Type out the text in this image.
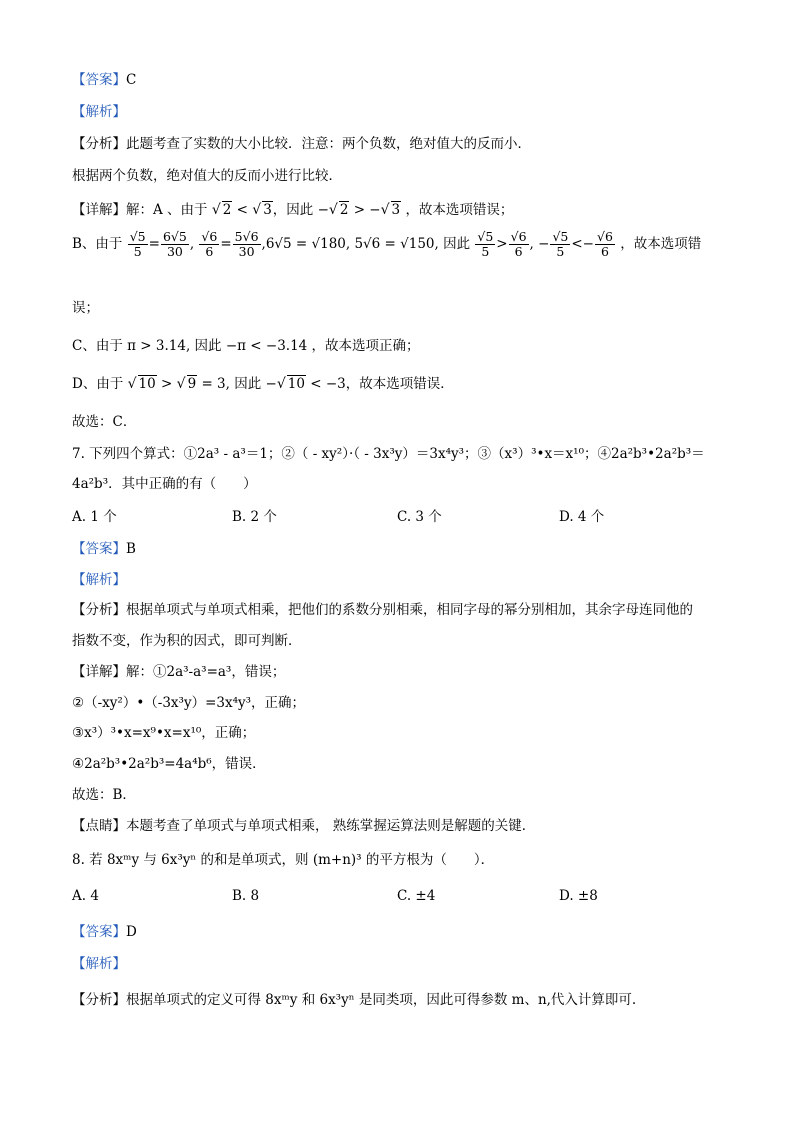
【答案】C
【解析】
【分析】此题考查了实数的大小比较．注意：两个负数，绝对值大的反而小．
根据两个负数，绝对值大的反而小进行比较．
【详解】解：A 、由于 √ 2 < √ 3，因此 −√ 2 > −√ 3 ，故本选项错误；
B、由于 $\frac{√5}{5} = \frac{6√5}{30}$ , $\frac{√6}{6} = \frac{5√6}{30} ,6√5 = √180$, 5√6 = √150, 因此 $\frac{√5}{5} > \frac{√6}{6}$ , − $\frac{√5}{5} <- \frac{√6}{6}$ ，故本选项错
误；
C、由于 π > 3.14, 因此 −π < −3.14 ，故本选项正确；
D、由于 √ 10 > √ 9 = 3, 因此 −√ 10 < −3，故本选项错误．
故选：C．
7. 下列四个算式：①2a³ - a³＝1；②（ - xy²）·（ - 3x³y）＝3x⁴y³；③（x³）³•x＝x¹⁰；④2a²b³•2a²b³＝
4a²b³．其中正确的有（　　）
A. 1 个	B. 2 个	C. 3 个	D. 4 个
【答案】B
【解析】
【分析】根据单项式与单项式相乘，把他们的系数分别相乘，相同字母的幂分别相加，其余字母连同他的
指数不变，作为积的因式，即可判断．
【详解】解：①2a³-a³=a³，错误；
②（-xy²）•（-3x³y）=3x⁴y³，正确；
③x³）³•x=x⁹•x=x¹⁰，正确；
④2a²b³•2a²b³=4a⁴b⁶，错误．
故选：B．
【点睛】本题考查了单项式与单项式相乘， 熟练掌握运算法则是解题的关键．
8. 若 8xᵐy 与 6x³yⁿ 的和是单项式，则 (m+n)³ 的平方根为（　　）．
A. 4	B. 8	C. ±4	D. ±8
【答案】D
【解析】
【分析】根据单项式的定义可得 8xᵐy 和 6x³yⁿ 是同类项，因此可得参数 m、n,代入计算即可.
